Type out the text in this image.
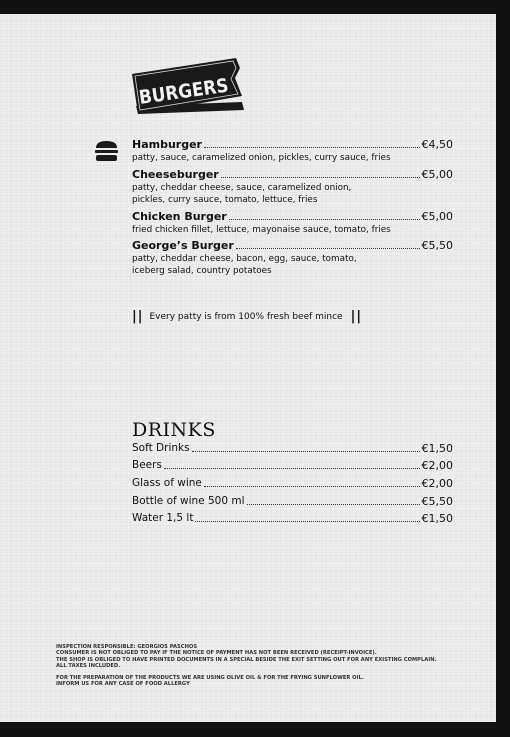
BURGERS
Hamburger	€4,50
patty, sauce, caramelized onion, pickles, curry sauce, fries
Cheeseburger	€5,00
patty, cheddar cheese, sauce, caramelized onion, pickles, curry sauce, tomato, lettuce, fries
Chicken Burger	€5,00
fried chicken fillet, lettuce, mayonaise sauce, tomato, fries
George’s Burger	€5,50
patty, cheddar cheese, bacon, egg, sauce, tomato, iceberg salad, country potatoes
|| Every patty is from 100% fresh beef mince ||
DRINKS
Soft Drinks	€1,50
Beers	€2,00
Glass of wine	€2,00
Bottle of wine 500 ml	€5,50
Water 1,5 lt	€1,50
INSPECTION RESPONSIBLE: GEORGIOS PASCHOS
CONSUMER IS NOT OBLIGED TO PAY IF THE NOTICE OF PAYMENT HAS NOT BEEN RECEIVED (RECEIPT-INVOICE).
THE SHOP IS OBLIGED TO HAVE PRINTED DOCUMENTS IN A SPECIAL BESIDE THE EXIT SETTING OUT FOR ANY EXISTING COMPLAIN.
ALL TAXES INCLUDED.
FOR THE PREPARATION OF THE PRODUCTS WE ARE USING OLIVE OIL & FOR THE FRYING SUNFLOWER OIL.
INFORM US FOR ANY CASE OF FOOD ALLERGY
